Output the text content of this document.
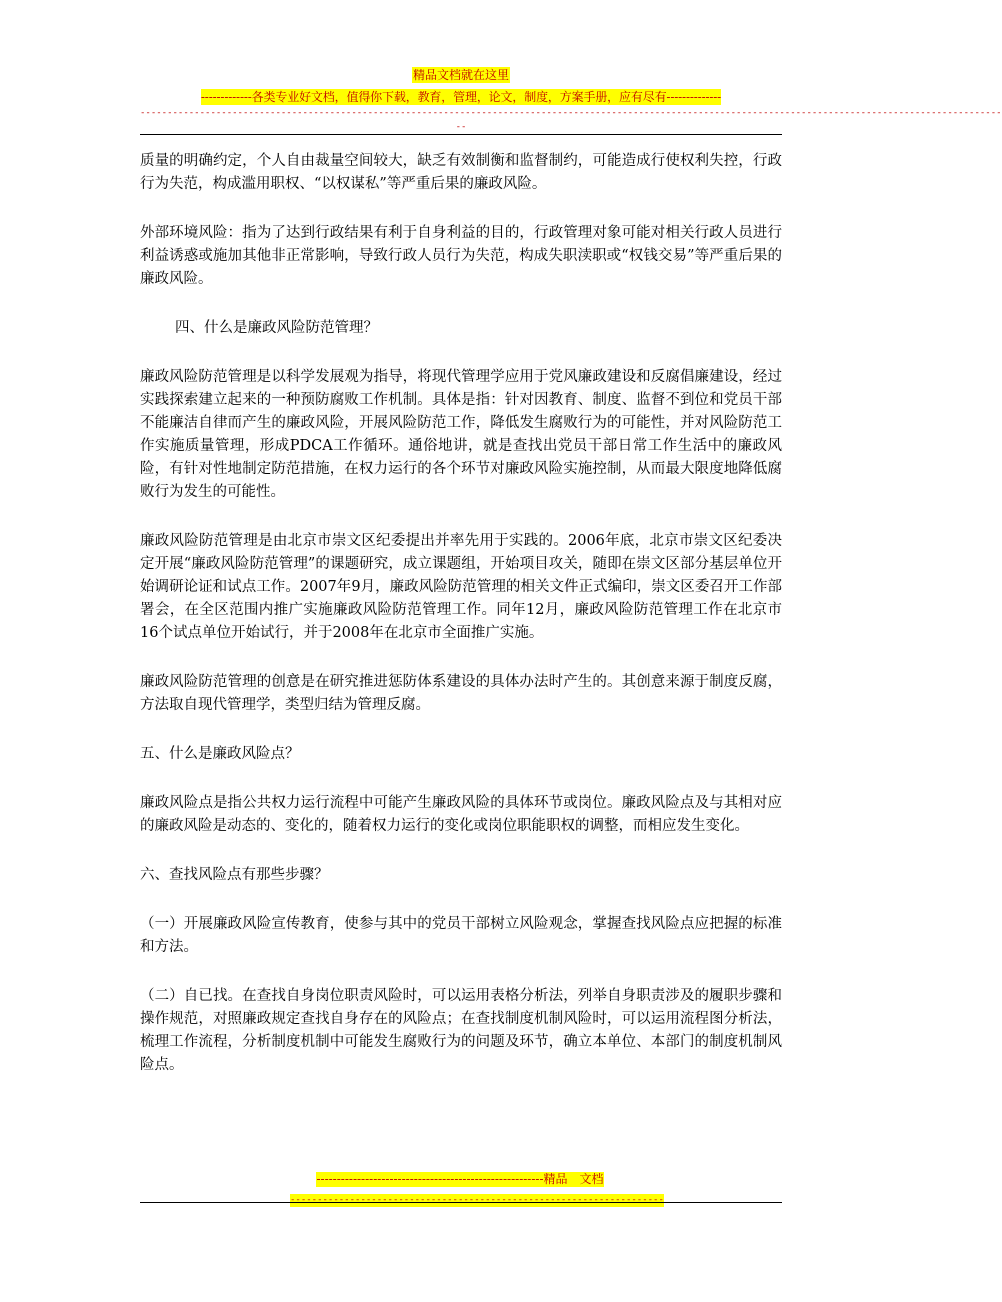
精品文档就在这里
-------------各类专业好文档，值得你下载，教育，管理，论文，制度，方案手册，应有尽有--------------
---------------------------------------------------------------------------------------------------------------------------------------------------------------
--

质量的明确约定，个人自由裁量空间较大，缺乏有效制衡和监督制约，可能造成行使权利失控，行政行为失范，构成滥用职权、“以权谋私”等严重后果的廉政风险。

外部环境风险：指为了达到行政结果有利于自身利益的目的，行政管理对象可能对相关行政人员进行利益诱惑或施加其他非正常影响，导致行政人员行为失范，构成失职渎职或“权钱交易”等严重后果的廉政风险。

四、什么是廉政风险防范管理？

廉政风险防范管理是以科学发展观为指导，将现代管理学应用于党风廉政建设和反腐倡廉建设，经过实践探索建立起来的一种预防腐败工作机制。具体是指：针对因教育、制度、监督不到位和党员干部不能廉洁自律而产生的廉政风险，开展风险防范工作，降低发生腐败行为的可能性，并对风险防范工作实施质量管理，形成PDCA工作循环。通俗地讲，就是查找出党员干部日常工作生活中的廉政风险，有针对性地制定防范措施，在权力运行的各个环节对廉政风险实施控制，从而最大限度地降低腐败行为发生的可能性。

廉政风险防范管理是由北京市崇文区纪委提出并率先用于实践的。2006年底，北京市崇文区纪委决定开展“廉政风险防范管理”的课题研究，成立课题组，开始项目攻关，随即在崇文区部分基层单位开始调研论证和试点工作。2007年9月，廉政风险防范管理的相关文件正式编印，崇文区委召开工作部署会，在全区范围内推广实施廉政风险防范管理工作。同年12月，廉政风险防范管理工作在北京市16个试点单位开始试行，并于2008年在北京市全面推广实施。

廉政风险防范管理的创意是在研究推进惩防体系建设的具体办法时产生的。其创意来源于制度反腐，方法取自现代管理学，类型归结为管理反腐。

五、什么是廉政风险点？

廉政风险点是指公共权力运行流程中可能产生廉政风险的具体环节或岗位。廉政风险点及与其相对应的廉政风险是动态的、变化的，随着权力运行的变化或岗位职能职权的调整，而相应发生变化。

六、查找风险点有那些步骤？

（一）开展廉政风险宣传教育，使参与其中的党员干部树立风险观念，掌握查找风险点应把握的标准和方法。

（二）自已找。在查找自身岗位职责风险时，可以运用表格分析法，列举自身职责涉及的履职步骤和操作规范，对照廉政规定查找自身存在的风险点；在查找制度机制风险时，可以运用流程图分析法，梳理工作流程，分析制度机制中可能发生腐败行为的问题及环节，确立本单位、本部门的制度机制风险点。

--------------------------------------------------------精品　文档
---------------------------------------------------------------------
